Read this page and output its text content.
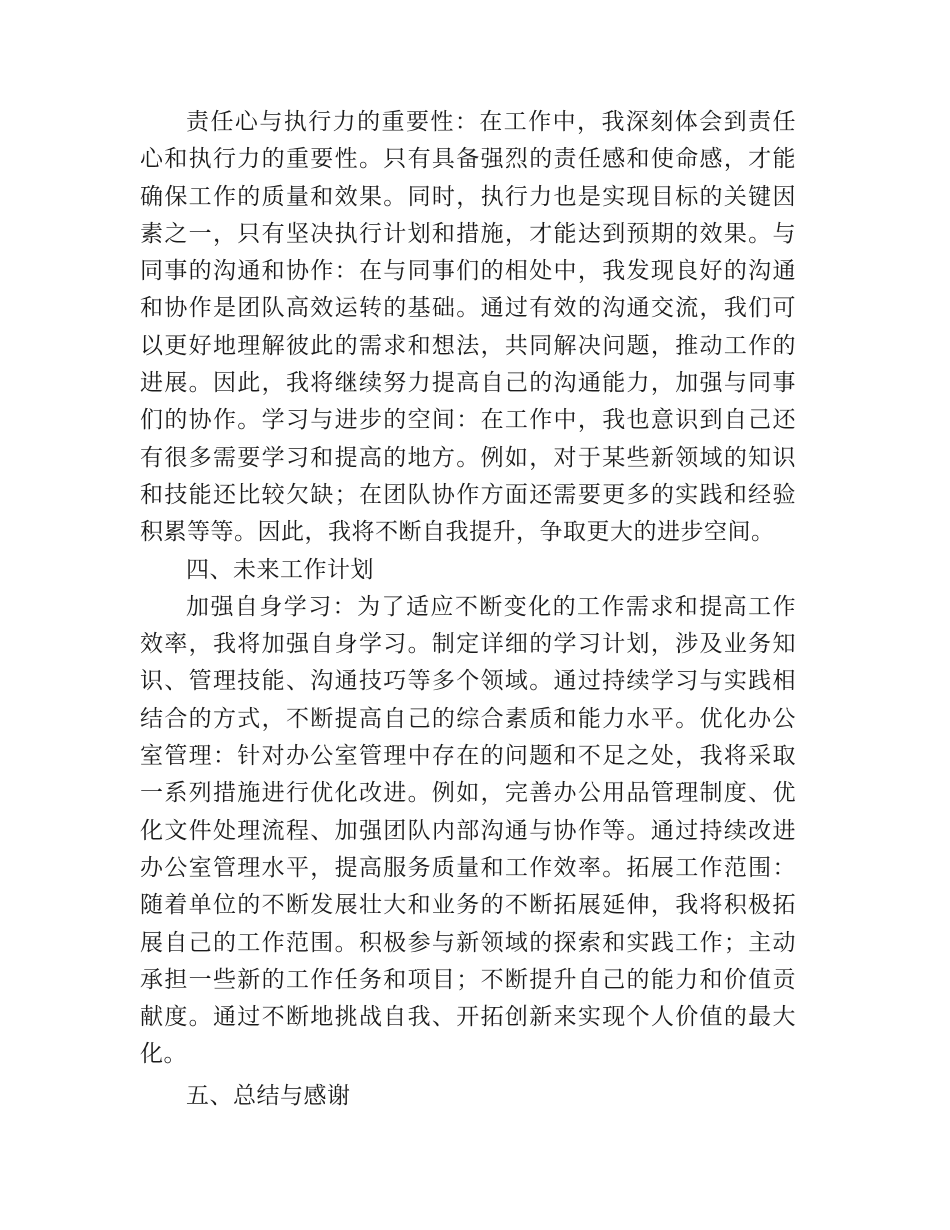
责任心与执行力的重要性：在工作中，我深刻体会到责任心和执行力的重要性。只有具备强烈的责任感和使命感，才能确保工作的质量和效果。同时，执行力也是实现目标的关键因素之一，只有坚决执行计划和措施，才能达到预期的效果。与同事的沟通和协作：在与同事们的相处中，我发现良好的沟通和协作是团队高效运转的基础。通过有效的沟通交流，我们可以更好地理解彼此的需求和想法，共同解决问题，推动工作的进展。因此，我将继续努力提高自己的沟通能力，加强与同事们的协作。学习与进步的空间：在工作中，我也意识到自己还有很多需要学习和提高的地方。例如，对于某些新领域的知识和技能还比较欠缺；在团队协作方面还需要更多的实践和经验积累等等。因此，我将不断自我提升，争取更大的进步空间。

四、未来工作计划

加强自身学习：为了适应不断变化的工作需求和提高工作效率，我将加强自身学习。制定详细的学习计划，涉及业务知识、管理技能、沟通技巧等多个领域。通过持续学习与实践相结合的方式，不断提高自己的综合素质和能力水平。优化办公室管理：针对办公室管理中存在的问题和不足之处，我将采取一系列措施进行优化改进。例如，完善办公用品管理制度、优化文件处理流程、加强团队内部沟通与协作等。通过持续改进办公室管理水平，提高服务质量和工作效率。拓展工作范围：随着单位的不断发展壮大和业务的不断拓展延伸，我将积极拓展自己的工作范围。积极参与新领域的探索和实践工作；主动承担一些新的工作任务和项目；不断提升自己的能力和价值贡献度。通过不断地挑战自我、开拓创新来实现个人价值的最大化。

五、总结与感谢
